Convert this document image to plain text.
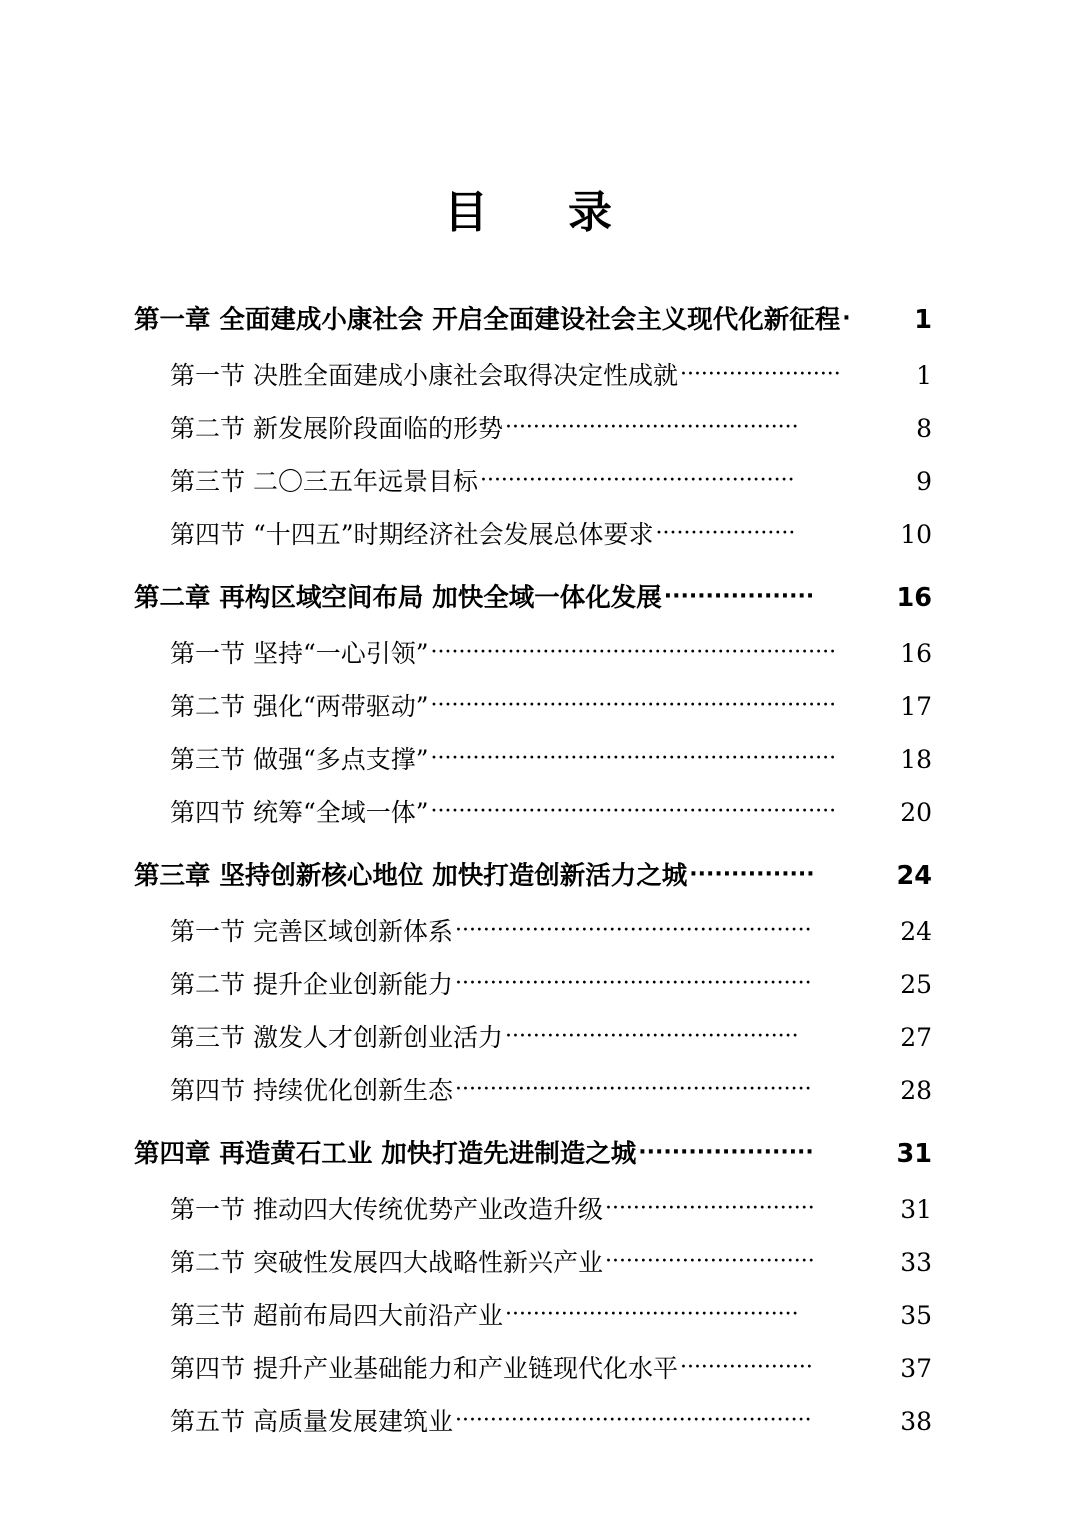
目　录
第一章 全面建成小康社会 开启全面建设社会主义现代化新征程 ·	1
第一节 决胜全面建成小康社会取得决定性成就 ·······················	1
第二节 新发展阶段面临的形势 ··········································	8
第三节 二〇三五年远景目标 ·············································	9
第四节 “十四五”时期经济社会发展总体要求 ····················	10
第二章 再构区域空间布局 加快全域一体化发展 ··················	16
第一节 坚持“一心引领” ··························································	16
第二节 强化“两带驱动” ··························································	17
第三节 做强“多点支撑” ··························································	18
第四节 统筹“全域一体” ··························································	20
第三章 坚持创新核心地位 加快打造创新活力之城 ···············	24
第一节 完善区域创新体系 ···················································	24
第二节 提升企业创新能力 ···················································	25
第三节 激发人才创新创业活力 ··········································	27
第四节 持续优化创新生态 ···················································	28
第四章 再造黄石工业 加快打造先进制造之城 ·····················	31
第一节 推动四大传统优势产业改造升级 ······························	31
第二节 突破性发展四大战略性新兴产业 ······························	33
第三节 超前布局四大前沿产业 ··········································	35
第四节 提升产业基础能力和产业链现代化水平 ···················	37
第五节 高质量发展建筑业 ···················································	38
